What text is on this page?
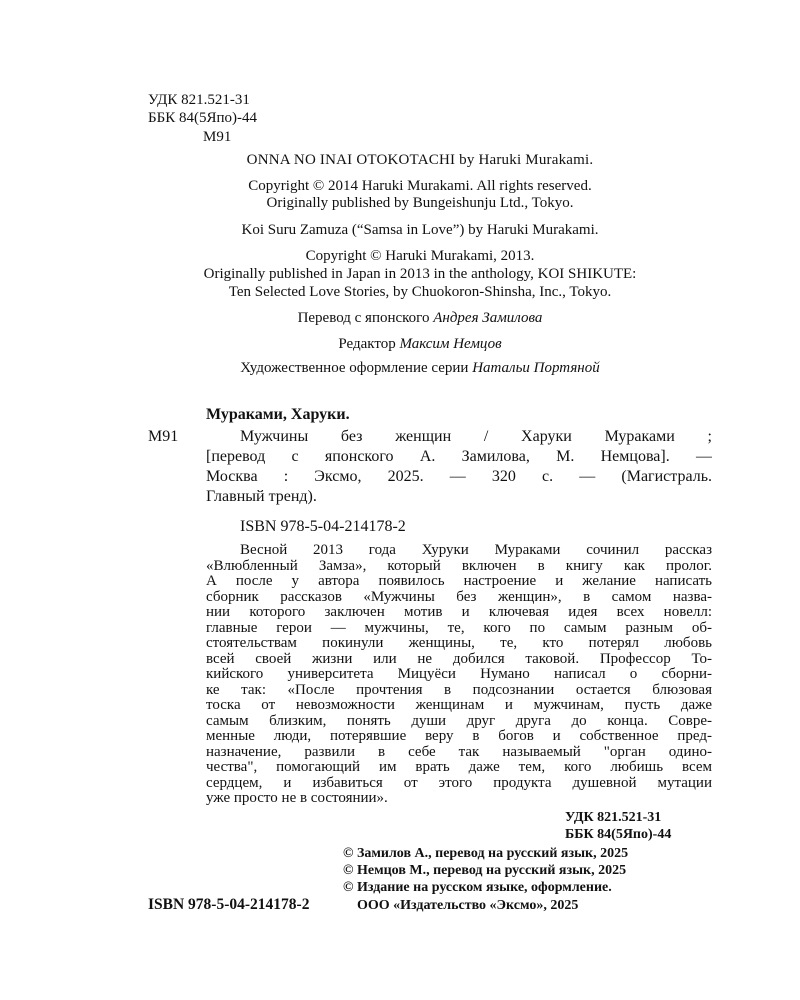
УДК 821.521-31
ББК 84(5Япо)-44
М91
ONNA NO INAI OTOKOTACHI by Haruki Murakami.
Copyright © 2014 Haruki Murakami. All rights reserved.
Originally published by Bungeishunju Ltd., Tokyo.
Koi Suru Zamuza (“Samsa in Love”) by Haruki Murakami.
Copyright © Haruki Murakami, 2013.
Originally published in Japan in 2013 in the anthology, KOI SHIKUTE:
Ten Selected Love Stories, by Chuokoron-Shinsha, Inc., Tokyo.
Перевод с японского Андрея Замилова
Редактор Максим Немцов
Художественное оформление серии Натальи Портяной
Мураками, Харуки.
М91	Мужчины без женщин / Харуки Мураками ;
[перевод с японского А. Замилова, М. Немцова]. —
Москва : Эксмо, 2025. — 320 с. — (Магистраль.
Главный тренд).
ISBN 978-5-04-214178-2
Весной 2013 года Хуруки Мураками сочинил рассказ
«Влюбленный Замза», который включен в книгу как пролог.
А после у автора появилось настроение и желание написать
сборник рассказов «Мужчины без женщин», в самом назва-
нии которого заключен мотив и ключевая идея всех новелл:
главные герои — мужчины, те, кого по самым разным об-
стоятельствам покинули женщины, те, кто потерял любовь
всей своей жизни или не добился таковой. Профессор То-
кийского университета Мицуёси Нумано написал о сборни-
ке так: «После прочтения в подсознании остается блюзовая
тоска от невозможности женщинам и мужчинам, пусть даже
самым близким, понять души друг друга до конца. Совре-
менные люди, потерявшие веру в богов и собственное пред-
назначение, развили в себе так называемый "орган одино-
чества", помогающий им врать даже тем, кого любишь всем
сердцем, и избавиться от этого продукта душевной мутации
уже просто не в состоянии».
УДК 821.521-31
ББК 84(5Япо)-44
© Замилов А., перевод на русский язык, 2025
© Немцов М., перевод на русский язык, 2025
© Издание на русском языке, оформление.
ООО «Издательство «Эксмо», 2025
ISBN 978-5-04-214178-2
